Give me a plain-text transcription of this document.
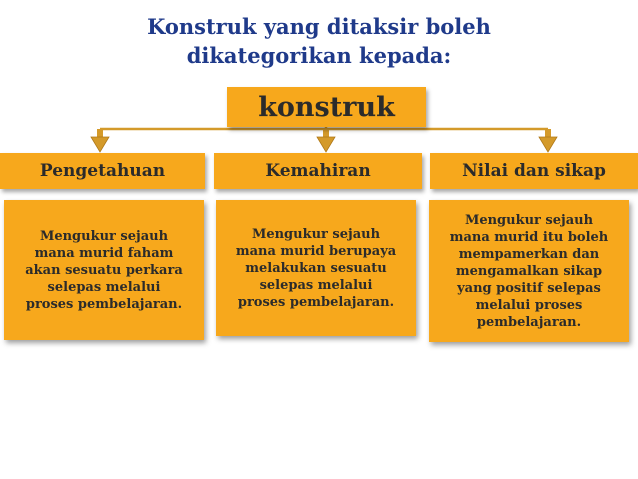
Konstruk yang ditaksir boleh
dikategorikan kepada:
konstruk
Pengetahuan	Kemahiran	Nilai dan sikap
Mengukur sejauh
mana murid faham
akan sesuatu perkara
selepas melalui
proses pembelajaran.
Mengukur sejauh
mana murid berupaya
melakukan sesuatu
selepas melalui
proses pembelajaran.
Mengukur sejauh
mana murid itu boleh
mempamerkan dan
mengamalkan sikap
yang positif selepas
melalui proses
pembelajaran.
